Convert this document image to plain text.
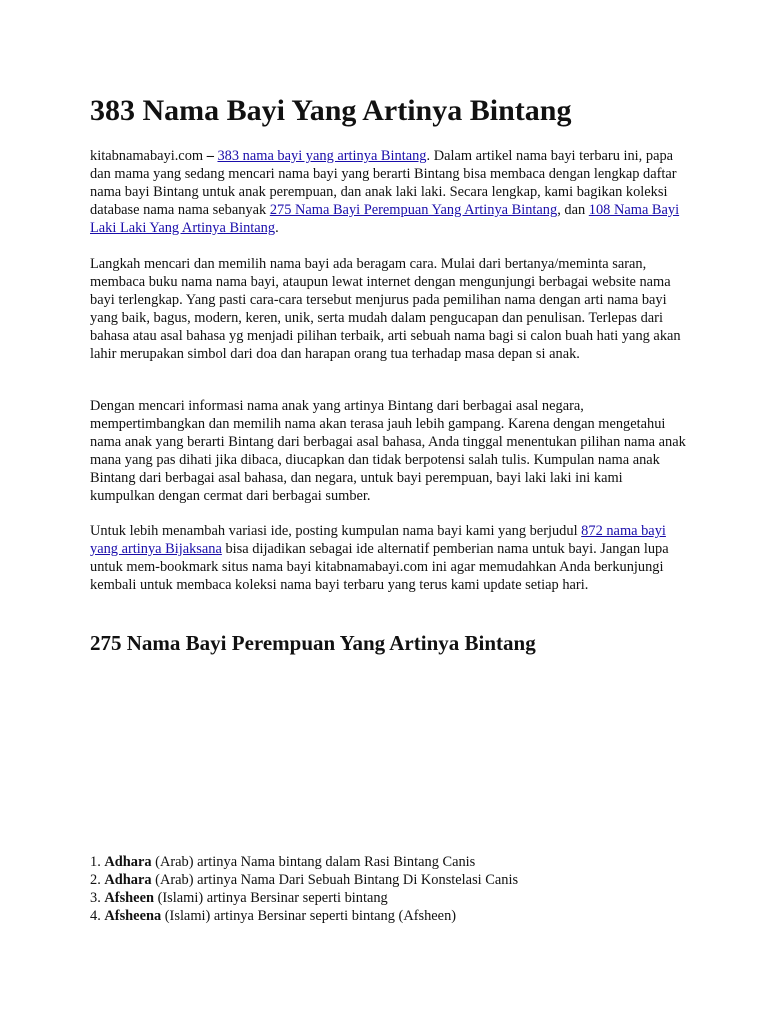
383 Nama Bayi Yang Artinya Bintang

kitabnamabayi.com – 383 nama bayi yang artinya Bintang. Dalam artikel nama bayi terbaru ini, papa dan mama yang sedang mencari nama bayi yang berarti Bintang bisa membaca dengan lengkap daftar nama bayi Bintang untuk anak perempuan, dan anak laki laki. Secara lengkap, kami bagikan koleksi database nama nama sebanyak 275 Nama Bayi Perempuan Yang Artinya Bintang, dan 108 Nama Bayi Laki Laki Yang Artinya Bintang.

Langkah mencari dan memilih nama bayi ada beragam cara. Mulai dari bertanya/meminta saran, membaca buku nama nama bayi, ataupun lewat internet dengan mengunjungi berbagai website nama bayi terlengkap. Yang pasti cara-cara tersebut menjurus pada pemilihan nama dengan arti nama bayi yang baik, bagus, modern, keren, unik, serta mudah dalam pengucapan dan penulisan. Terlepas dari bahasa atau asal bahasa yg menjadi pilihan terbaik, arti sebuah nama bagi si calon buah hati yang akan lahir merupakan simbol dari doa dan harapan orang tua terhadap masa depan si anak.

Dengan mencari informasi nama anak yang artinya Bintang dari berbagai asal negara, mempertimbangkan dan memilih nama akan terasa jauh lebih gampang. Karena dengan mengetahui nama anak yang berarti Bintang dari berbagai asal bahasa, Anda tinggal menentukan pilihan nama anak mana yang pas dihati jika dibaca, diucapkan dan tidak berpotensi salah tulis. Kumpulan nama anak Bintang dari berbagai asal bahasa, dan negara, untuk bayi perempuan, bayi laki laki ini kami kumpulkan dengan cermat dari berbagai sumber.

Untuk lebih menambah variasi ide, posting kumpulan nama bayi kami yang berjudul 872 nama bayi yang artinya Bijaksana bisa dijadikan sebagai ide alternatif pemberian nama untuk bayi. Jangan lupa untuk mem-bookmark situs nama bayi kitabnamabayi.com ini agar memudahkan Anda berkunjungi kembali untuk membaca koleksi nama bayi terbaru yang terus kami update setiap hari.

275 Nama Bayi Perempuan Yang Artinya Bintang
1. Adhara (Arab) artinya Nama bintang dalam Rasi Bintang Canis
2. Adhara (Arab) artinya Nama Dari Sebuah Bintang Di Konstelasi Canis
3. Afsheen (Islami) artinya Bersinar seperti bintang
4. Afsheena (Islami) artinya Bersinar seperti bintang (Afsheen)
